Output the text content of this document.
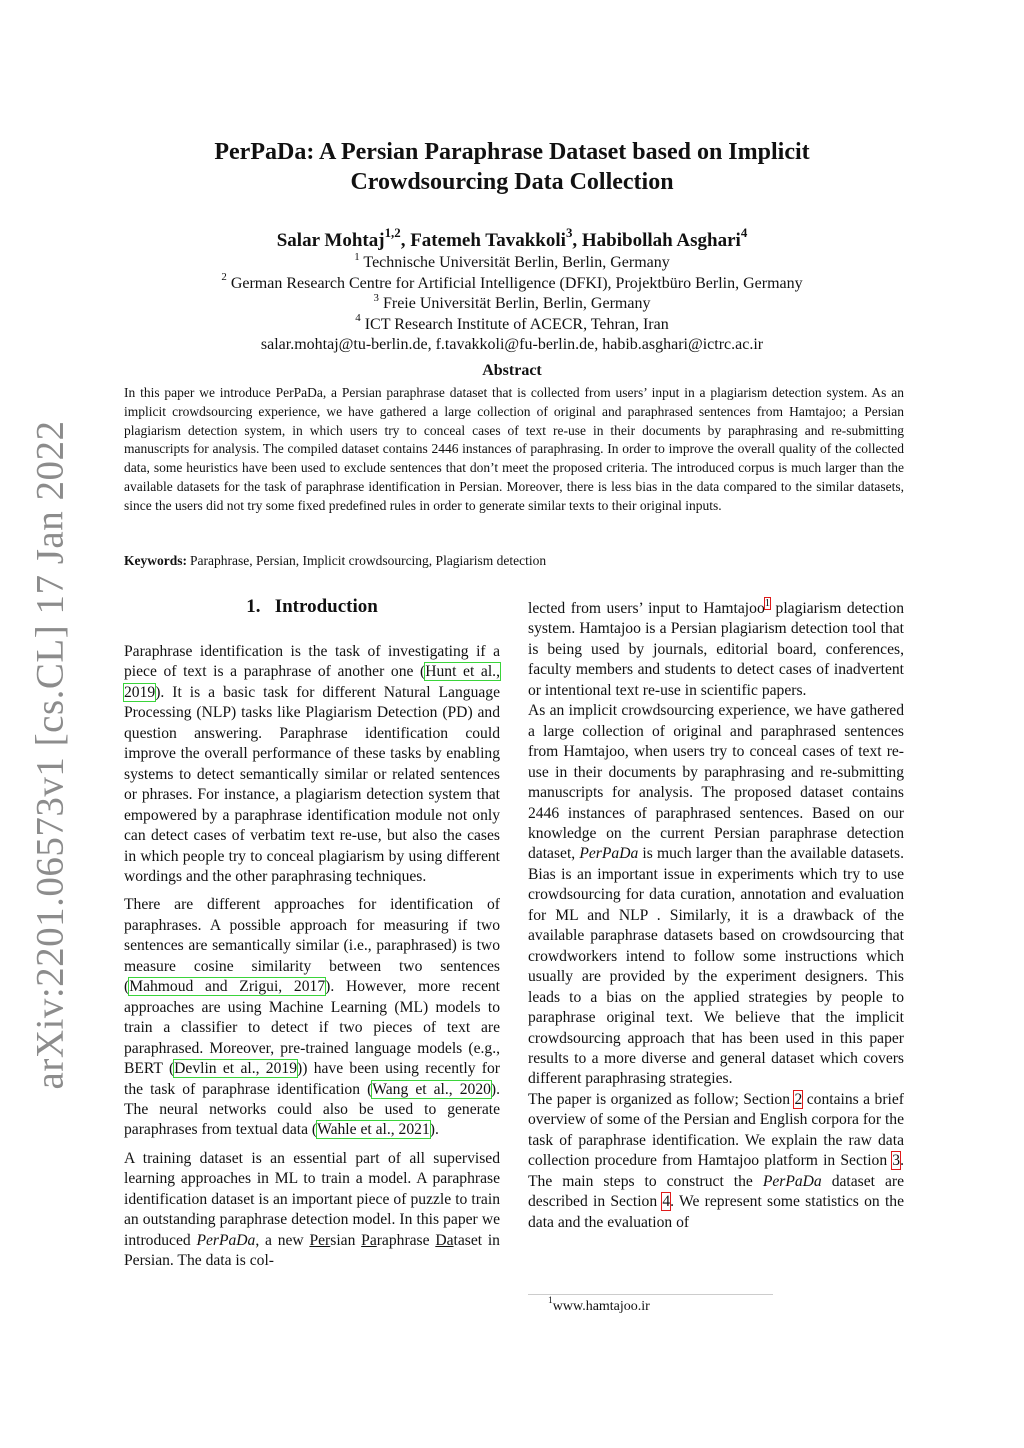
arXiv:2201.06573v1 [cs.CL] 17 Jan 2022
PerPaDa: A Persian Paraphrase Dataset based on Implicit
Crowdsourcing Data Collection
Salar Mohtaj$^{1,2}$, Fatemeh Tavakkoli$^3$, Habibollah Asghari$^4$
$^1$ Technische Universität Berlin, Berlin, Germany
$^2$ German Research Centre for Artificial Intelligence (DFKI), Projektbüro Berlin, Germany
$^3$ Freie Universität Berlin, Berlin, Germany
$^4$ ICT Research Institute of ACECR, Tehran, Iran
salar.mohtaj@tu-berlin.de, f.tavakkoli@fu-berlin.de, habib.asghari@ictrc.ac.ir
Abstract
In this paper we introduce PerPaDa, a Persian paraphrase dataset that is collected from users’ input in a plagiarism detection system. As an implicit crowdsourcing experience, we have gathered a large collection of original and paraphrased sentences from Hamtajoo; a Persian plagiarism detection system, in which users try to conceal cases of text re-use in their documents by paraphrasing and re-submitting manuscripts for analysis. The compiled dataset contains 2446 instances of paraphrasing. In order to improve the overall quality of the collected data, some heuristics have been used to exclude sentences that don’t meet the proposed criteria. The introduced corpus is much larger than the available datasets for the task of paraphrase identification in Persian. Moreover, there is less bias in the data compared to the similar datasets, since the users did not try some fixed predefined rules in order to generate similar texts to their original inputs.
Keywords: Paraphrase, Persian, Implicit crowdsourcing, Plagiarism detection
1. Introduction

Paraphrase identification is the task of investigating if a piece of text is a paraphrase of another one (Hunt et al., 2019). It is a basic task for different Natural Language Processing (NLP) tasks like Plagiarism Detection (PD) and question answering. Paraphrase identification could improve the overall performance of these tasks by enabling systems to detect semantically similar or related sentences or phrases. For instance, a plagiarism detection system that empowered by a paraphrase identification module not only can detect cases of verbatim text re-use, but also the cases in which people try to conceal plagiarism by using different wordings and the other paraphrasing techniques.

There are different approaches for identification of paraphrases. A possible approach for measuring if two sentences are semantically similar (i.e., paraphrased) is two measure cosine similarity between two sentences (Mahmoud and Zrigui, 2017). However, more recent approaches are using Machine Learning (ML) models to train a classifier to detect if two pieces of text are paraphrased. Moreover, pre-trained language models (e.g., BERT (Devlin et al., 2019)) have been using recently for the task of paraphrase identification (Wang et al., 2020). The neural networks could also be used to generate paraphrases from textual data (Wahle et al., 2021).

A training dataset is an essential part of all supervised learning approaches in ML to train a model. A paraphrase identification dataset is an important piece of puzzle to train an outstanding paraphrase detection model. In this paper we introduced PerPaDa, a new Persian Paraphrase Dataset in Persian. The data is col-

lected from users’ input to Hamtajoo$^1$ plagiarism detection system. Hamtajoo is a Persian plagiarism detection tool that is being used by journals, editorial board, conferences, faculty members and students to detect cases of inadvertent or intentional text re-use in scientific papers.

As an implicit crowdsourcing experience, we have gathered a large collection of original and paraphrased sentences from Hamtajoo, when users try to conceal cases of text re-use in their documents by paraphrasing and re-submitting manuscripts for analysis. The proposed dataset contains 2446 instances of paraphrased sentences. Based on our knowledge on the current Persian paraphrase detection dataset, PerPaDa is much larger than the available datasets. Bias is an important issue in experiments which try to use crowdsourcing for data curation, annotation and evaluation for ML and NLP . Similarly, it is a drawback of the available paraphrase datasets based on crowdsourcing that crowdworkers intend to follow some instructions which usually are provided by the experiment designers. This leads to a bias on the applied strategies by people to paraphrase original text. We believe that the implicit crowdsourcing approach that has been used in this paper results to a more diverse and general dataset which covers different paraphrasing strategies.

The paper is organized as follow; Section 2 contains a brief overview of some of the Persian and English corpora for the task of paraphrase identification. We explain the raw data collection procedure from Hamtajoo platform in Section 3. The main steps to construct the PerPaDa dataset are described in Section 4. We represent some statistics on the data and the evaluation of

$^1$www.hamtajoo.ir
